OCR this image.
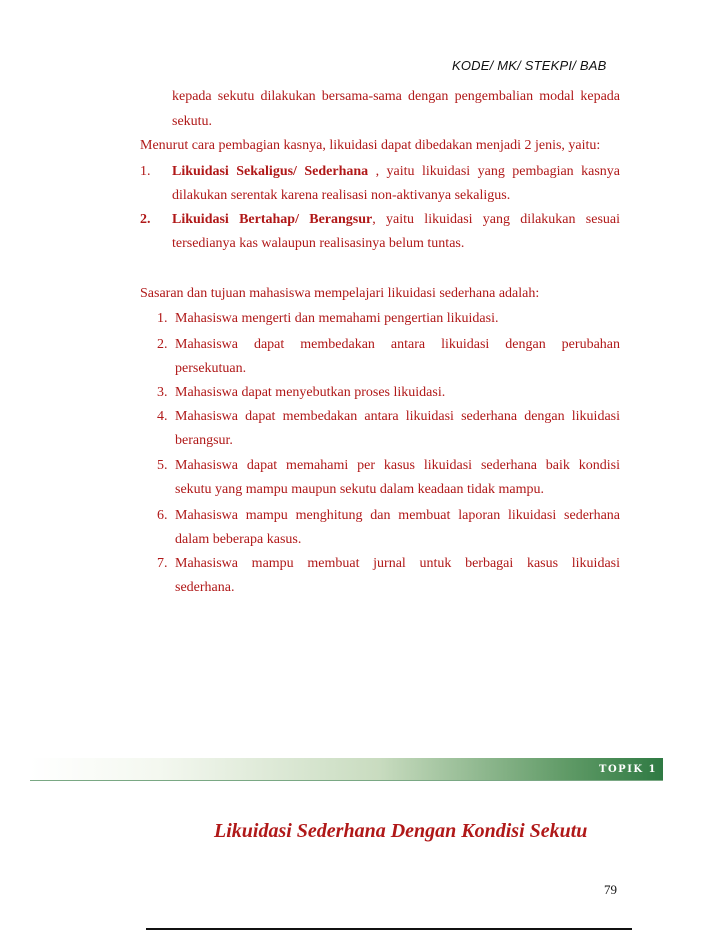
KODE/ MK/ STEKPI/ BAB
kepada sekutu dilakukan bersama-sama dengan pengembalian modal kepada
sekutu.
Menurut cara pembagian kasnya, likuidasi dapat dibedakan menjadi 2 jenis, yaitu:
1. Likuidasi Sekaligus/ Sederhana , yaitu likuidasi yang pembagian kasnya
dilakukan serentak karena realisasi non-aktivanya sekaligus.
2. Likuidasi Bertahap/ Berangsur, yaitu likuidasi yang dilakukan sesuai
tersedianya kas walaupun realisasinya belum tuntas.
Sasaran dan tujuan mahasiswa mempelajari likuidasi sederhana adalah:
1. Mahasiswa mengerti dan memahami pengertian likuidasi.
2. Mahasiswa dapat membedakan antara likuidasi dengan perubahan
persekutuan.
3. Mahasiswa dapat menyebutkan proses likuidasi.
4. Mahasiswa dapat membedakan antara likuidasi sederhana dengan likuidasi
berangsur.
5. Mahasiswa dapat memahami per kasus likuidasi sederhana baik kondisi
sekutu yang mampu maupun sekutu dalam keadaan tidak mampu.
6. Mahasiswa mampu menghitung dan membuat laporan likuidasi sederhana
dalam beberapa kasus.
7. Mahasiswa mampu membuat jurnal untuk berbagai kasus likuidasi
sederhana.
TOPIK 1
Likuidasi Sederhana Dengan Kondisi Sekutu
79
